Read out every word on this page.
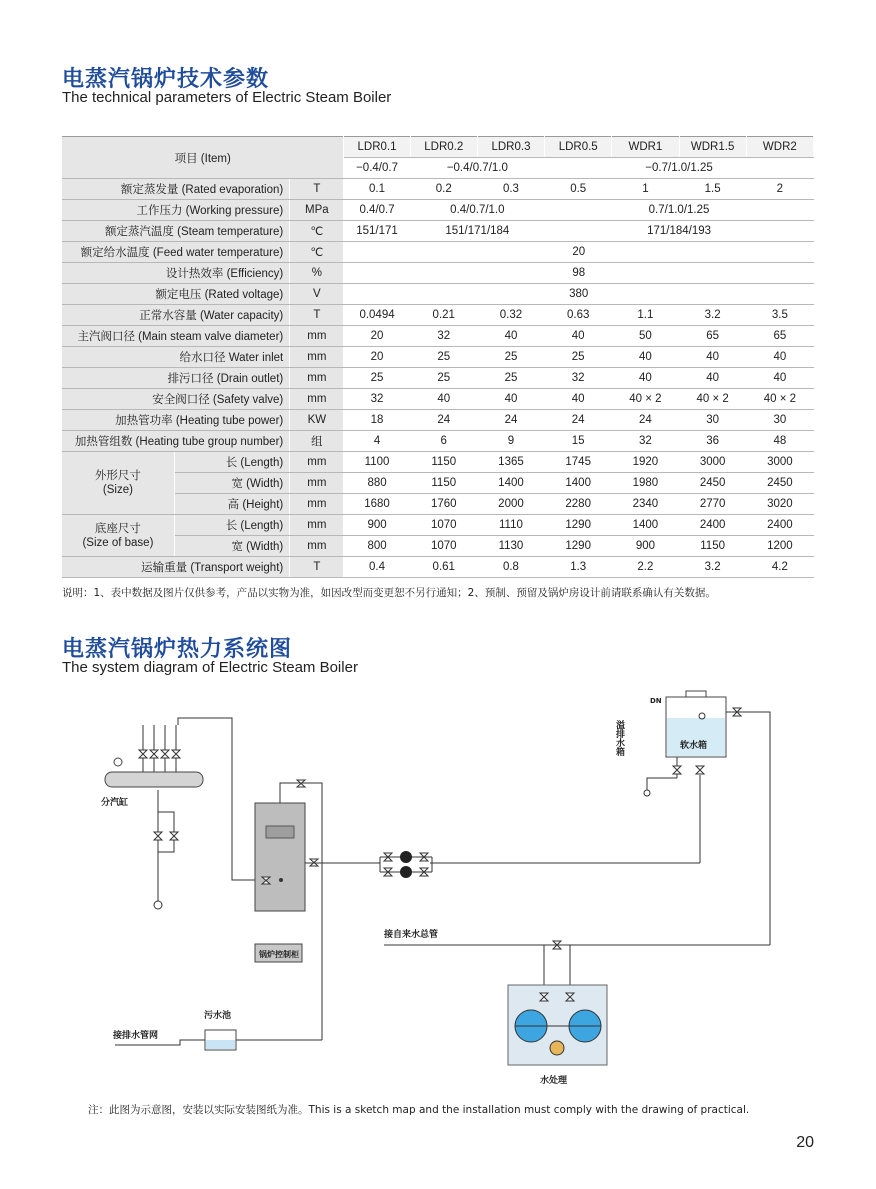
电蒸汽锅炉技术参数
The technical parameters of Electric Steam Boiler
项目 (Item)			LDR0.1	LDR0.2	LDR0.3	LDR0.5	WDR1	WDR1.5	WDR2
			−0.4/0.7	−0.4/0.7/1.0		−0.7/1.0/1.25			
额定蒸发量 (Rated evaporation)		T	0.1	0.2	0.3	0.5	1	1.5	2
工作压力 (Working pressure)		MPa	0.4/0.7	0.4/0.7/1.0		0.7/1.0/1.25			
额定蒸汽温度 (Steam temperature)		℃	151/171	151/171/184		171/184/193			
额定给水温度 (Feed water temperature)		℃	20						
设计热效率 (Efficiency)		%	98						
额定电压 (Rated voltage)		V	380						
正常水容量 (Water capacity)		T	0.0494	0.21	0.32	0.63	1.1	3.2	3.5
主汽阀口径 (Main steam valve diameter)		mm	20	32	40	40	50	65	65
给水口径 Water inlet		mm	20	25	25	25	40	40	40
排污口径 (Drain outlet)		mm	25	25	25	32	40	40	40
安全阀口径 (Safety valve)		mm	32	40	40	40	40 × 2	40 × 2	40 × 2
加热管功率 (Heating tube power)		KW	18	24	24	24	24	30	30
加热管组数 (Heating tube group number)		组	4	6	9	15	32	36	48
外形尺寸
(Size)	长 (Length)	mm	1100	1150	1365	1745	1920	3000	3000
	宽 (Width)	mm	880	1150	1400	1400	1980	2450	2450
	高 (Height)	mm	1680	1760	2000	2280	2340	2770	3020
底座尺寸
(Size of base)	长 (Length)	mm	900	1070	1110	1290	1400	2400	2400
	宽 (Width)	mm	800	1070	1130	1290	900	1150	1200
运输重量 (Transport weight)		T	0.4	0.61	0.8	1.3	2.2	3.2	4.2
说明：1、表中数据及图片仅供参考，产品以实物为准，如因改型而变更恕不另行通知；2、预制、预留及锅炉房设计前请联系确认有关数据。
电蒸汽锅炉热力系统图
The system diagram of Electric Steam Boiler
分汽缸
锅炉控制柜
软水箱
DN
溢排水箱
接自来水总管
水处理
污水池
接排水管网
注：此图为示意图，安装以实际安装图纸为准。This is a sketch map and the installation must comply with the drawing of practical.
20
